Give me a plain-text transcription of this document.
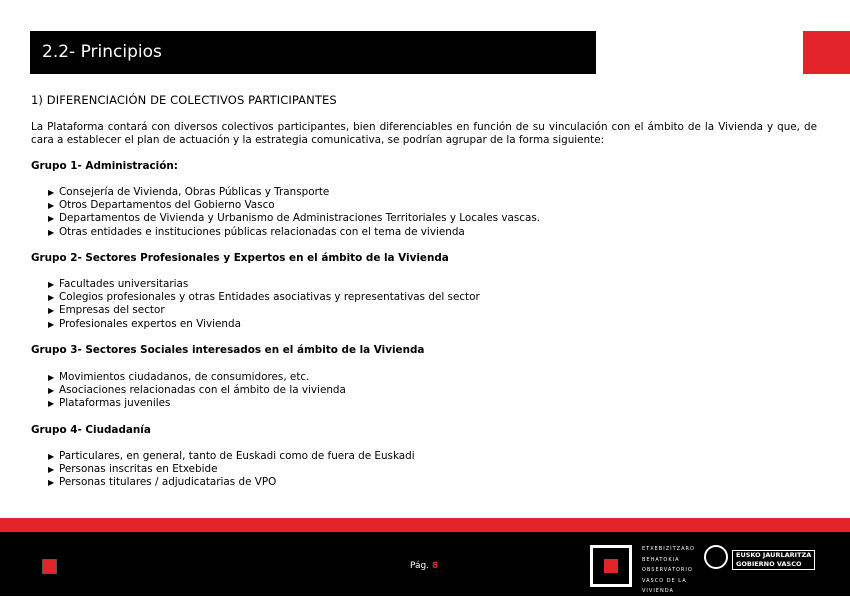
2.2- Principios
1) DIFERENCIACIÓN DE COLECTIVOS PARTICIPANTES
La Plataforma contará con diversos colectivos participantes, bien diferenciables en función de su vinculación con el ámbito de la Vivienda y que, de cara a establecer el plan de actuación y la estrategia comunicativa, se podrían agrupar de la forma siguiente:
Grupo 1- Administración:
▶ Consejería de Vivienda, Obras Públicas y Transporte
▶ Otros Departamentos del Gobierno Vasco
▶ Departamentos de Vivienda y Urbanismo de Administraciones Territoriales y Locales vascas.
▶ Otras entidades e instituciones públicas relacionadas con el tema de vivienda
Grupo 2- Sectores Profesionales y Expertos en el ámbito de la Vivienda
▶ Facultades universitarias
▶ Colegios profesionales y otras Entidades asociativas y representativas del sector
▶ Empresas del sector
▶ Profesionales expertos en Vivienda
Grupo 3- Sectores Sociales interesados en el ámbito de la Vivienda
▶ Movimientos ciudadanos, de consumidores, etc.
▶ Asociaciones relacionadas con el ámbito de la vivienda
▶ Plataformas juveniles
Grupo 4- Ciudadanía
▶ Particulares, en general, tanto de Euskadi como de fuera de Euskadi
▶ Personas inscritas en Etxebide
▶ Personas titulares / adjudicatarias de VPO
Pág. 8
ETXEBIZITZARO
BEHATOKIA
OBSERVATORIO
VASCO DE LA
VIVIENDA
EUSKO JAURLARITZA
GOBIERNO VASCO
